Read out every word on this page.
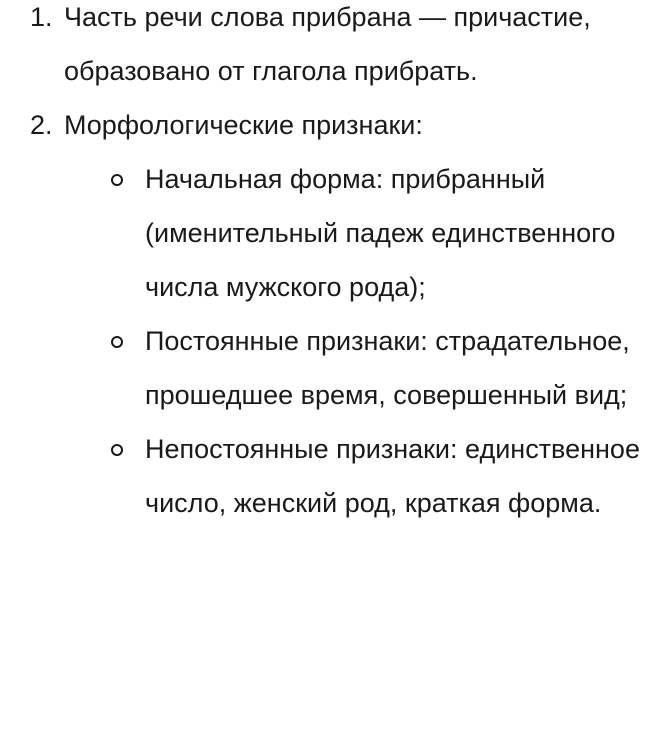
1. Часть речи слова прибрана — причастие, образовано от глагола прибрать.
2. Морфологические признаки:
Начальная форма: прибранный (именительный падеж единственного числа мужского рода);
Постоянные признаки: страдательное, прошедшее время, совершенный вид;
Непостоянные признаки: единственное число, женский род, краткая форма.
